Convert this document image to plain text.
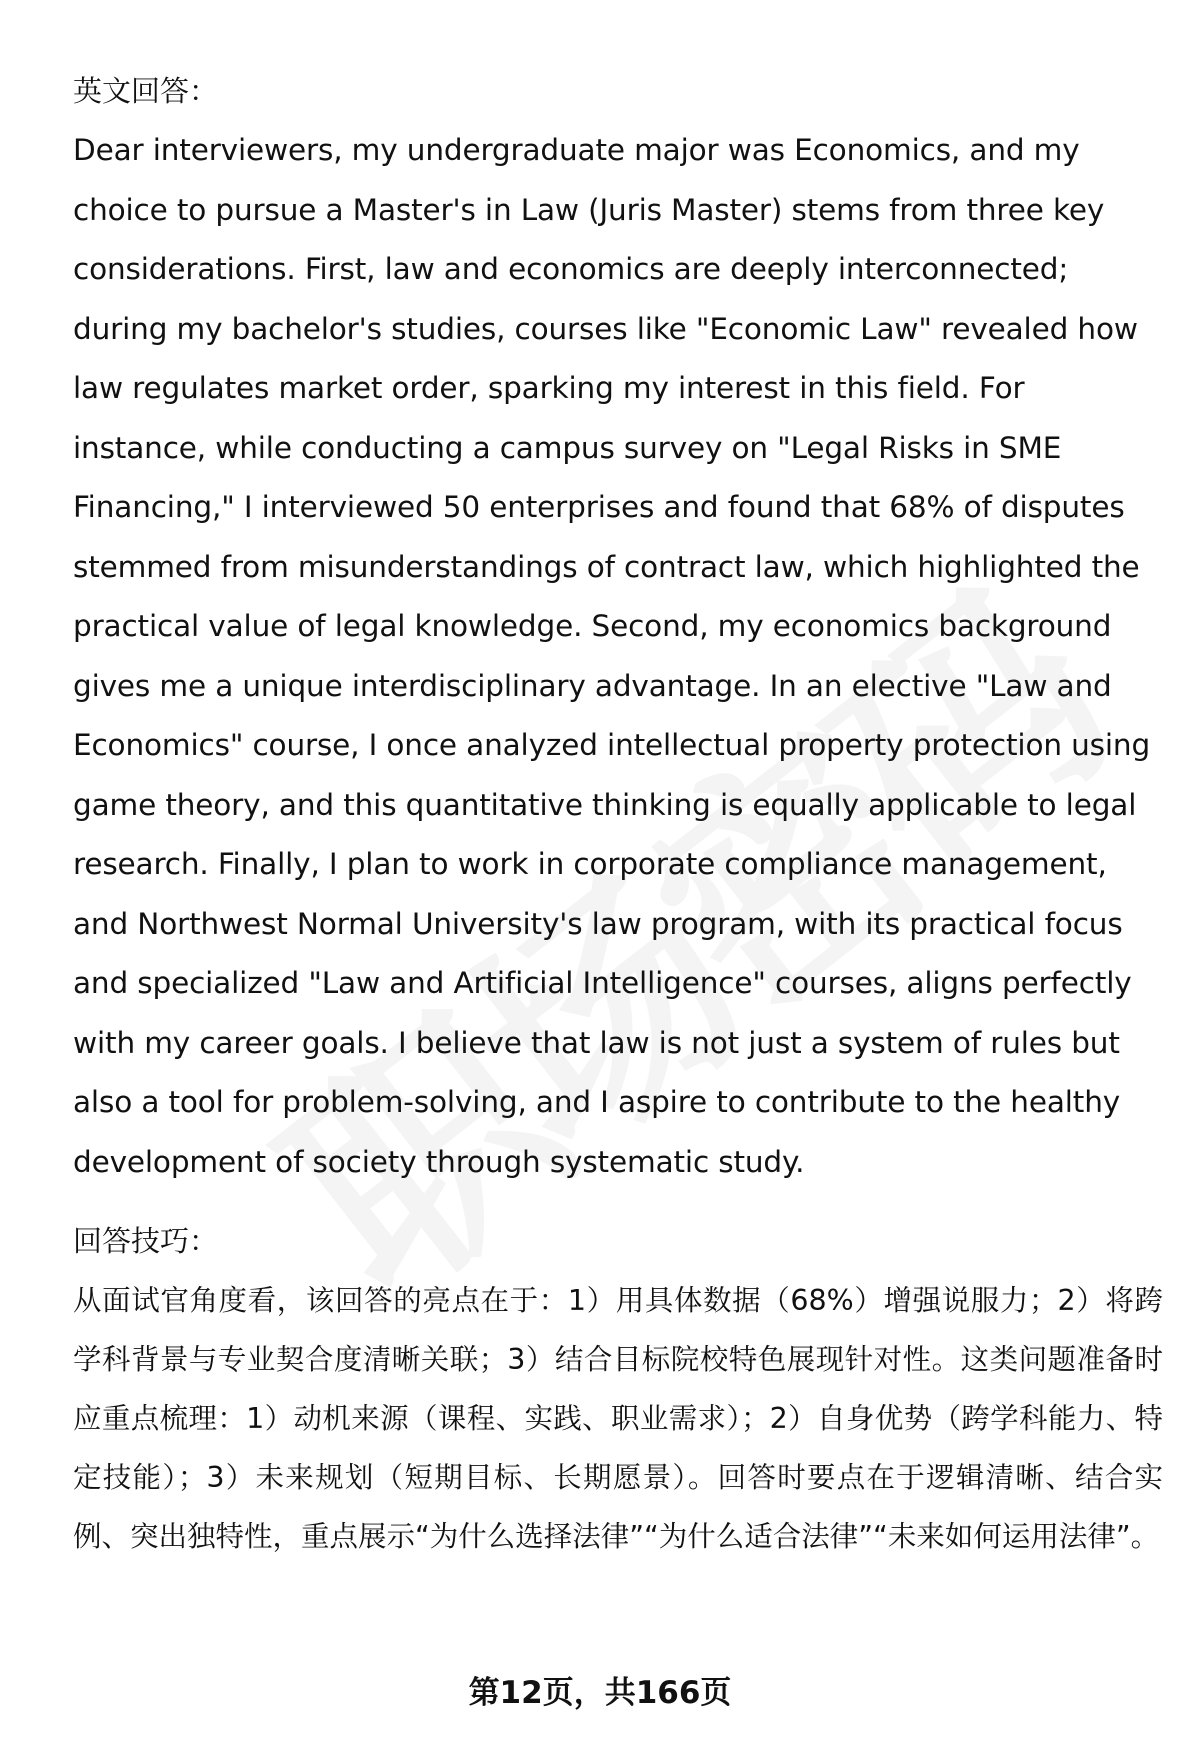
英文回答：
Dear interviewers, my undergraduate major was Economics, and my choice to pursue a Master's in Law (Juris Master) stems from three key considerations. First, law and economics are deeply interconnected; during my bachelor's studies, courses like "Economic Law" revealed how law regulates market order, sparking my interest in this field. For instance, while conducting a campus survey on "Legal Risks in SME Financing," I interviewed 50 enterprises and found that 68% of disputes stemmed from misunderstandings of contract law, which highlighted the practical value of legal knowledge. Second, my economics background gives me a unique interdisciplinary advantage. In an elective "Law and Economics" course, I once analyzed intellectual property protection using game theory, and this quantitative thinking is equally applicable to legal research. Finally, I plan to work in corporate compliance management, and Northwest Normal University's law program, with its practical focus and specialized "Law and Artificial Intelligence" courses, aligns perfectly with my career goals. I believe that law is not just a system of rules but also a tool for problem-solving, and I aspire to contribute to the healthy development of society through systematic study.
回答技巧：
从面试官角度看，该回答的亮点在于：1）用具体数据（68%）增强说服力；2）将跨学科背景与专业契合度清晰关联；3）结合目标院校特色展现针对性。这类问题准备时应重点梳理：1）动机来源（课程、实践、职业需求）；2）自身优势（跨学科能力、特定技能）；3）未来规划（短期目标、长期愿景）。回答时要点在于逻辑清晰、结合实例、突出独特性，重点展示“为什么选择法律”“为什么适合法律”“未来如何运用法律”。
第12页，共166页
